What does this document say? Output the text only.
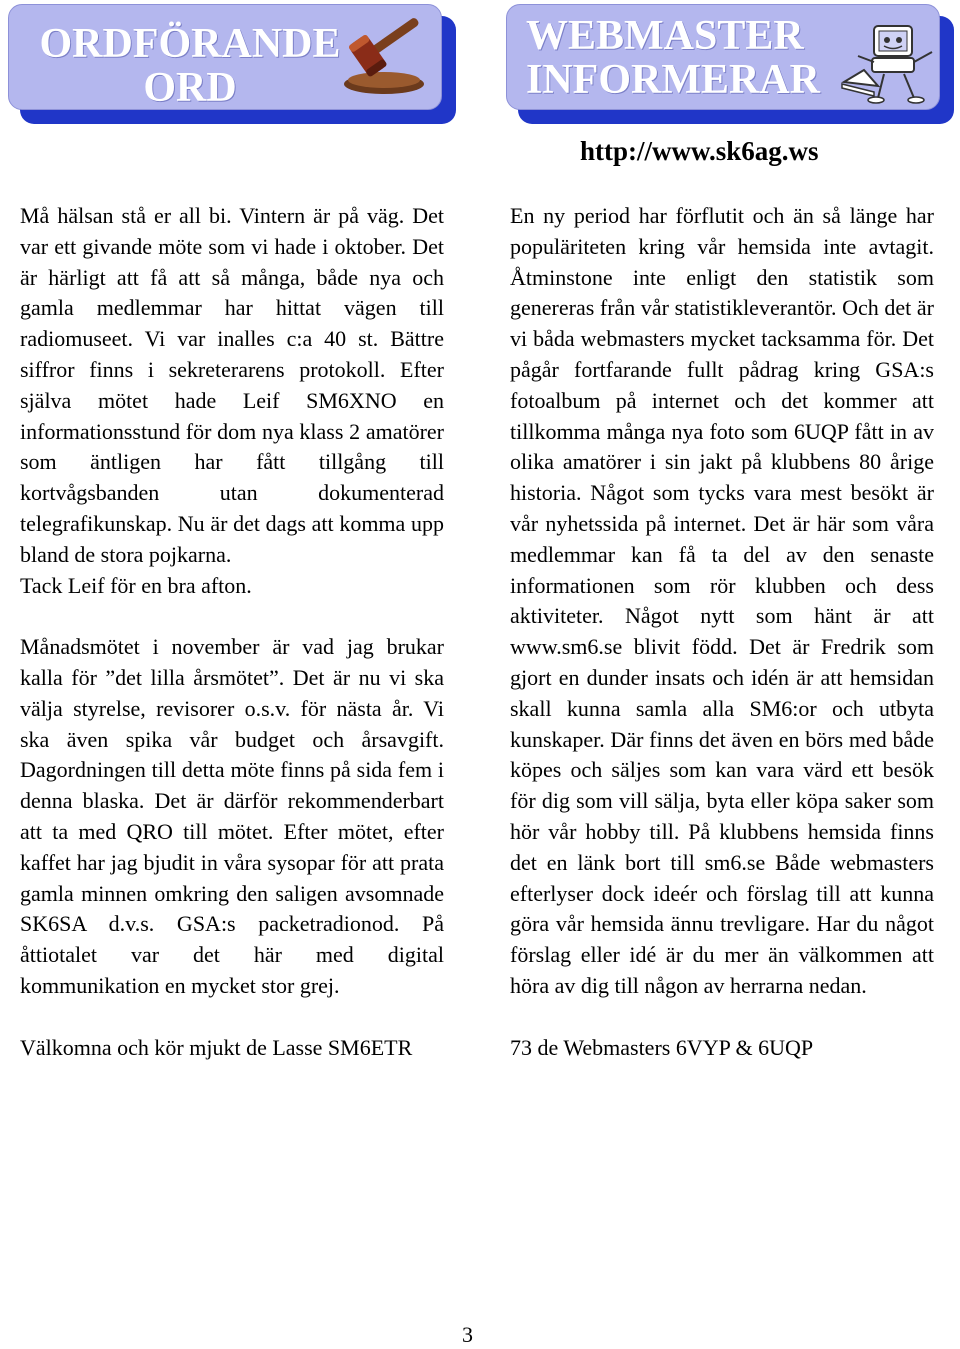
ORDFÖRANDE ORD
WEBMASTER INFORMERAR
http://www.sk6ag.ws

Må hälsan stå er all bi. Vintern är på väg. Det var ett givande möte som vi hade i oktober. Det är härligt att få att så många, både nya och gamla medlemmar har hittat vägen till radiomuseet. Vi var inalles c:a 40 st. Bättre siffror finns i sekreterarens protokoll. Efter själva mötet hade Leif SM6XNO en informationsstund för dom nya klass 2 amatörer som äntligen har fått tillgång till kortvågsbanden utan dokumenterad telegrafikunskap. Nu är det dags att komma upp bland de stora pojkarna.

Tack Leif för en bra afton.

Månadsmötet i november är vad jag brukar kalla för ”det lilla årsmötet”. Det är nu vi ska välja styrelse, revisorer o.s.v. för nästa år. Vi ska även spika vår budget och årsavgift. Dagordningen till detta möte finns på sida fem i denna blaska. Det är därför rekommenderbart att ta med QRO till mötet. Efter mötet, efter kaffet har jag bjudit in våra sysopar för att prata gamla minnen omkring den saligen avsomnade SK6SA d.v.s. GSA:s packetradionod. På åttiotalet var det här med digital kommunikation en mycket stor grej.

Välkomna och kör mjukt de Lasse SM6ETR

En ny period har förflutit och än så länge har populäriteten kring vår hemsida inte avtagit. Åtminstone inte enligt den statistik som genereras från vår statistikleverantör. Och det är vi båda webmasters mycket tacksamma för. Det pågår fortfarande fullt pådrag kring GSA:s fotoalbum på internet och det kommer att tillkomma många nya foto som 6UQP fått in av olika amatörer i sin jakt på klubbens 80 årige historia. Något som tycks vara mest besökt är vår nyhetssida på internet. Det är här som våra medlemmar kan få ta del av den senaste informationen som rör klubben och dess aktiviteter. Något nytt som hänt är att www.sm6.se blivit född. Det är Fredrik som gjort en dunder insats och idén är att hemsidan skall kunna samla alla SM6:or och utbyta kunskaper. Där finns det även en börs med både köpes och säljes som kan vara värd ett besök för dig som vill sälja, byta eller köpa saker som hör vår hobby till. På klubbens hemsida finns det en länk bort till sm6.se Både webmasters efterlyser dock ideér och förslag till att kunna göra vår hemsida ännu trevligare. Har du något förslag eller idé är du mer än välkommen att höra av dig till någon av herrarna nedan.

73 de Webmasters 6VYP & 6UQP

3
